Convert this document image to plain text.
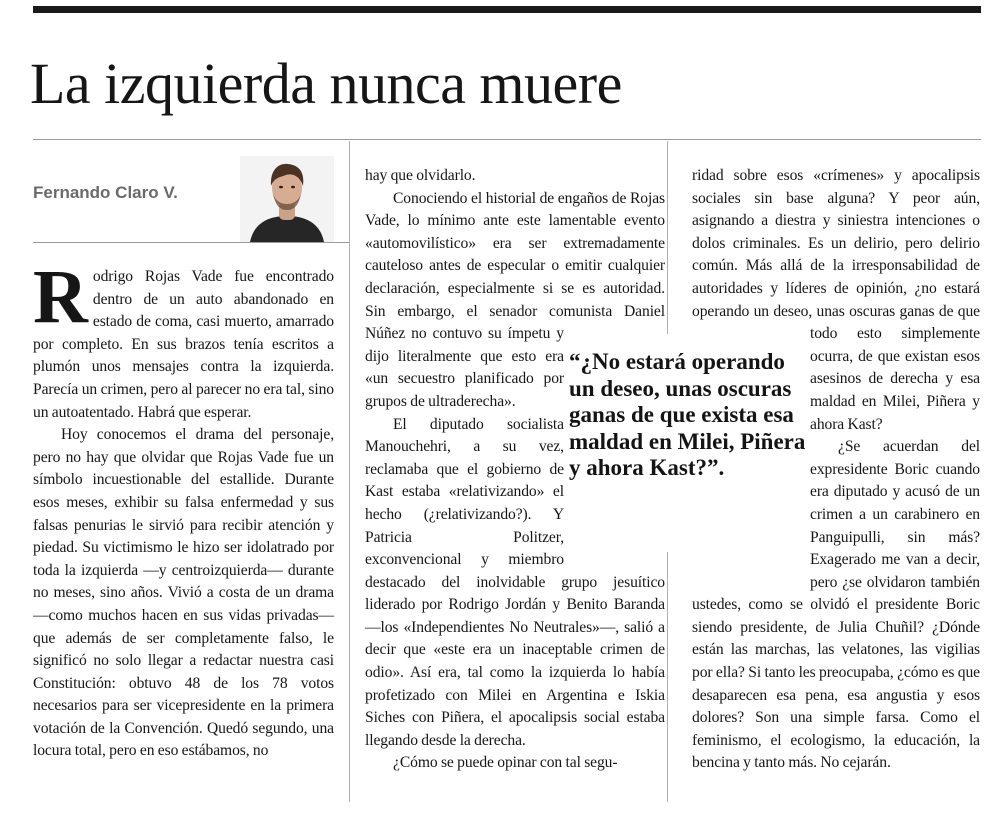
La izquierda nunca muere
Fernando Claro V.

Rodrigo Rojas Vade fue encontrado dentro de un auto abandonado en estado de coma, casi muerto, amarrado por completo. En sus brazos tenía escritos a plumón unos mensajes contra la izquierda. Parecía un crimen, pero al parecer no era tal, sino un autoatentado. Habrá que esperar.

Hoy conocemos el drama del personaje, pero no hay que olvidar que Rojas Vade fue un símbolo incuestionable del estallide. Durante esos meses, exhibir su falsa enfermedad y sus falsas penurias le sirvió para recibir atención y piedad. Su victimismo le hizo ser idolatrado por toda la izquierda —y centroizquierda— durante no meses, sino años. Vivió a costa de un drama —como muchos hacen en sus vidas privadas— que además de ser completamente falso, le significó no solo llegar a redactar nuestra casi Constitución: obtuvo 48 de los 78 votos necesarios para ser vicepresidente en la primera votación de la Convención. Quedó segundo, una locura total, pero en eso estábamos, no

hay que olvidarlo.

Conociendo el historial de engaños de Rojas Vade, lo mínimo ante este lamentable evento «automovilístico» era ser extremadamente cauteloso antes de especular o emitir cualquier declaración, especialmente si se es autoridad. Sin embargo, el senador comunista Daniel Núñez no contuvo su ímpetu y dijo literalmente que esto era «un secuestro planificado por grupos de ultraderecha».

El diputado socialista Manouchehri, a su vez, reclamaba que el gobierno de Kast estaba «relativizando» el hecho (¿relativizando?). Y Patricia Politzer, exconvencional y miembro destacado del inolvidable grupo jesuítico liderado por Rodrigo Jordán y Benito Baranda —los «Independientes No Neutrales»—, salió a decir que «este era un inaceptable crimen de odio». Así era, tal como la izquierda lo había profetizado con Milei en Argentina e Iskia Siches con Piñera, el apocalipsis social estaba llegando desde la derecha.

¿Cómo se puede opinar con tal segu-

ridad sobre esos «crímenes» y apocalipsis sociales sin base alguna? Y peor aún, asignando a diestra y siniestra intenciones o dolos criminales. Es un delirio, pero delirio común. Más allá de la irresponsabilidad de autoridades y líderes de opinión, ¿no estará operando un deseo, unas oscuras ganas de que todo esto simplemente ocurra, de que existan esos asesinos de derecha y esa maldad en Milei, Piñera y ahora Kast?

¿Se acuerdan del expresidente Boric cuando era diputado y acusó de un crimen a un carabinero en Panguipulli, sin más? Exagerado me van a decir, pero ¿se olvidaron también ustedes, como se olvidó el presidente Boric siendo presidente, de Julia Chuñil? ¿Dónde están las marchas, las velatones, las vigilias por ella? Si tanto les preocupaba, ¿cómo es que desaparecen esa pena, esa angustia y esos dolores? Son una simple farsa. Como el feminismo, el ecologismo, la educación, la bencina y tanto más. No cejarán.

“¿No estará operando un deseo, unas oscuras ganas de que exista esa maldad en Milei, Piñera y ahora Kast?”.
